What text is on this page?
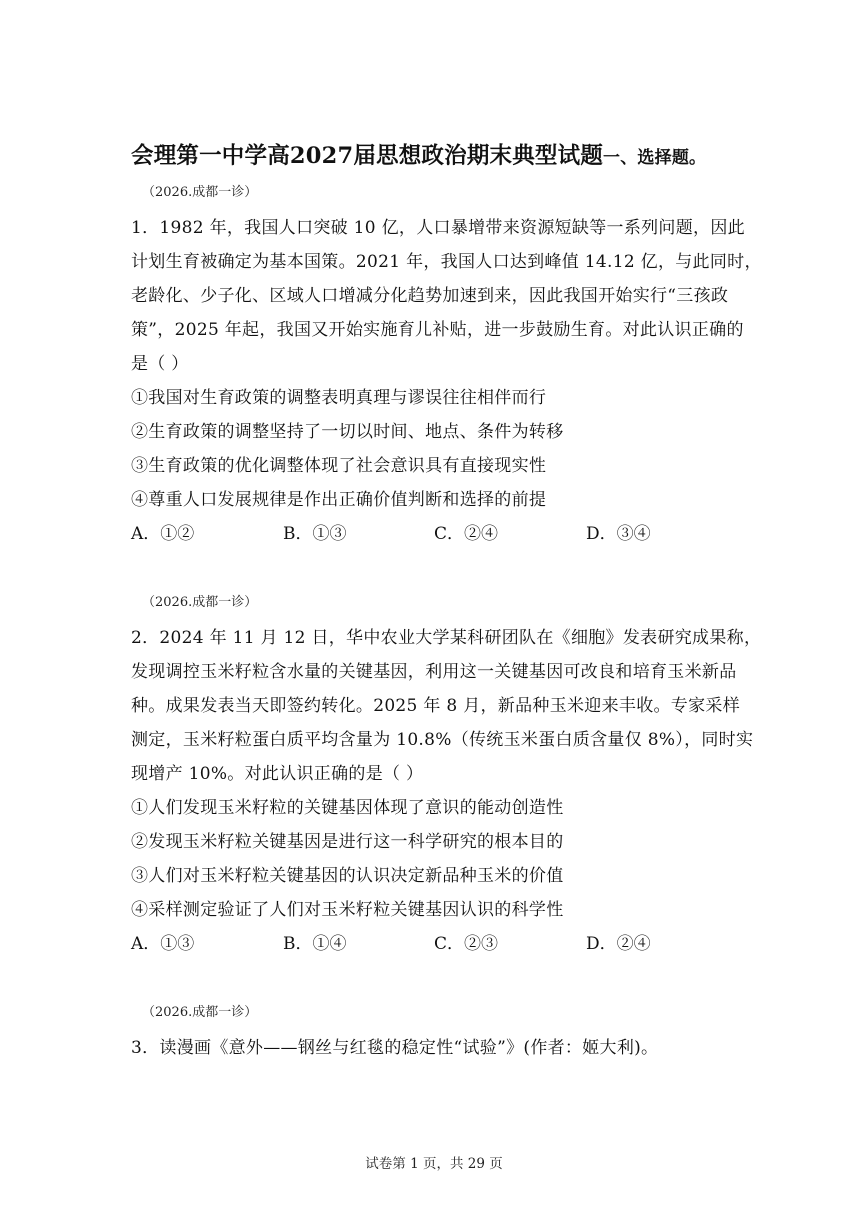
会理第一中学高2027届思想政治期末典型试题一、选择题。
（2026.成都一诊）
1．1982 年，我国人口突破 10 亿，人口暴增带来资源短缺等一系列问题，因此
计划生育被确定为基本国策。2021 年，我国人口达到峰值 14.12 亿，与此同时，
老龄化、少子化、区域人口增减分化趋势加速到来，因此我国开始实行“三孩政
策”，2025 年起，我国又开始实施育儿补贴，进一步鼓励生育。对此认识正确的
是（ ）
①我国对生育政策的调整表明真理与谬误往往相伴而行
②生育政策的调整坚持了一切以时间、地点、条件为转移
③生育政策的优化调整体现了社会意识具有直接现实性
④尊重人口发展规律是作出正确价值判断和选择的前提
A．①②	B．①③	C．②④	D．③④
（2026.成都一诊）
2．2024 年 11 月 12 日，华中农业大学某科研团队在《细胞》发表研究成果称，
发现调控玉米籽粒含水量的关键基因，利用这一关键基因可改良和培育玉米新品
种。成果发表当天即签约转化。2025 年 8 月，新品种玉米迎来丰收。专家采样
测定，玉米籽粒蛋白质平均含量为 10.8%（传统玉米蛋白质含量仅 8%），同时实
现增产 10%。对此认识正确的是（ ）
①人们发现玉米籽粒的关键基因体现了意识的能动创造性
②发现玉米籽粒关键基因是进行这一科学研究的根本目的
③人们对玉米籽粒关键基因的认识决定新品种玉米的价值
④采样测定验证了人们对玉米籽粒关键基因认识的科学性
A．①③	B．①④	C．②③	D．②④
（2026.成都一诊）
3．读漫画《意外——钢丝与红毯的稳定性“试验”》(作者：姬大利)。
试卷第 1 页，共 29 页
